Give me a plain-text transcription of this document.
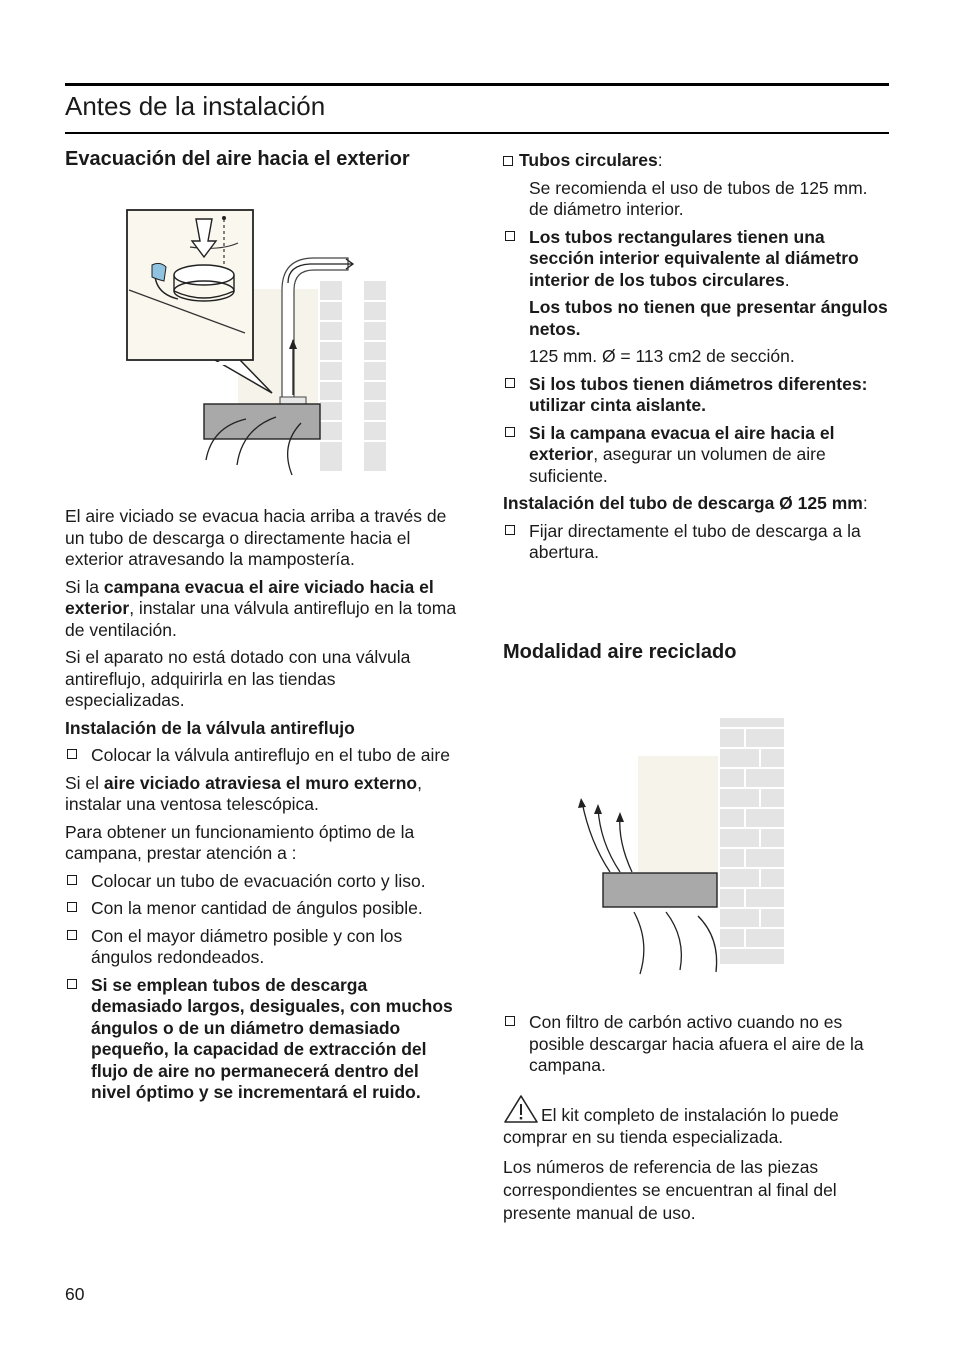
Antes de la instalación
Evacuación del aire hacia el exterior

El aire viciado se evacua hacia arriba a través de un tubo de descarga o directamente hacia el exterior atravesando la mampostería.

Si la campana evacua el aire viciado hacia el exterior, instalar una válvula antireflujo en la toma de ventilación.

Si el aparato no está dotado con una válvula antireflujo, adquirirla en las tiendas especializadas.

Instalación de la válvula antireflujo

Colocar la válvula antireflujo en el tubo de aire

Si el aire viciado atraviesa el muro externo, instalar una ventosa telescópica.

Para obtener un funcionamiento óptimo de la campana, prestar atención a :

Colocar un tubo de evacuación corto y liso.
Con la menor cantidad de ángulos posible.
Con el mayor diámetro posible y con los ángulos redondeados.
Si se emplean tubos de descarga demasiado largos, desiguales, con muchos ángulos o de un diámetro demasiado pequeño, la capacidad de extracción del flujo de aire no permanecerá dentro del nivel óptimo y se incrementará el ruido.

Tubos circulares:

Se recomienda el uso de tubos de 125 mm. de diámetro interior.

Los tubos rectangulares tienen una sección interior equivalente al diámetro interior de los tubos circulares.

Los tubos no tienen que presentar ángulos netos.

125 mm. Ø = 113 cm2 de sección.

Si los tubos tienen diámetros diferentes: utilizar cinta aislante.
Si la campana evacua el aire hacia el exterior, asegurar un volumen de aire suficiente.

Instalación del tubo de descarga Ø 125 mm:

Fijar directamente el tubo de descarga a la abertura.
Modalidad aire reciclado
Con filtro de carbón activo cuando no es posible descargar hacia afuera el aire de la campana.

El kit completo de instalación lo puede comprar en su tienda especializada.

Los números de referencia de las piezas correspondientes se encuentran al final del presente manual de uso.

60
